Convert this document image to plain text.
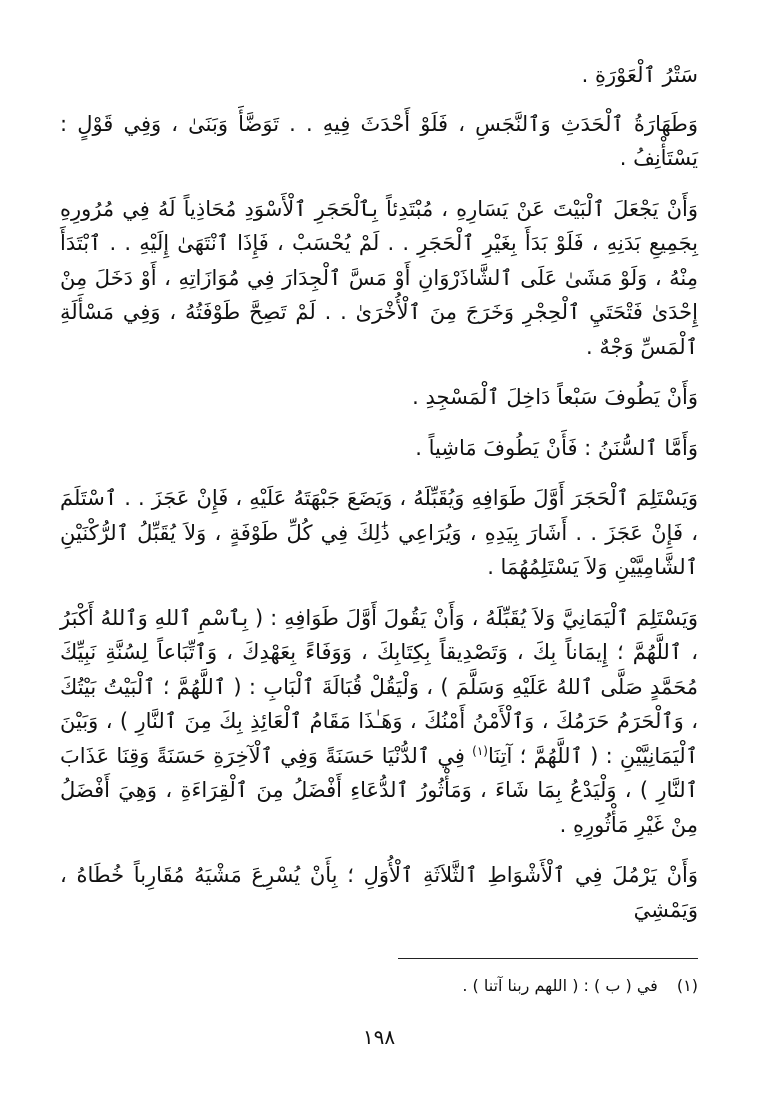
سَتْرُ ٱلْعَوْرَةِ .

وَطَهَارَةُ ٱلْحَدَثِ وَٱلنَّجَسِ ، فَلَوْ أَحْدَثَ فِيهِ . . تَوَضَّأَ وَبَنَىٰ ، وَفِي قَوْلٍ : يَسْتَأْنِفُ .

وَأَنْ يَجْعَلَ ٱلْبَيْتَ عَنْ يَسَارِهِ ، مُبْتَدِئاً بِٱلْحَجَرِ ٱلْأَسْوَدِ مُحَاذِياً لَهُ فِي مُرُورِهِ بِجَمِيعِ بَدَنِهِ ، فَلَوْ بَدَأَ بِغَيْرِ ٱلْحَجَرِ . . لَمْ يُحْسَبْ ، فَإِذَا ٱنْتَهَىٰ إِلَيْهِ . . ٱبْتَدَأَ مِنْهُ ، وَلَوْ مَشَىٰ عَلَى ٱلشَّاذَرْوَانِ أَوْ مَسَّ ٱلْجِدَارَ فِي مُوَازَاتِهِ ، أَوْ دَخَلَ مِنْ إِحْدَىٰ فَتْحَتَيِ ٱلْحِجْرِ وَخَرَجَ مِنَ ٱلْأُخْرَىٰ . . لَمْ تَصِحَّ طَوْفَتُهُ ، وَفِي مَسْأَلَةِ ٱلْمَسِّ وَجْهٌ .

وَأَنْ يَطُوفَ سَبْعاً دَاخِلَ ٱلْمَسْجِدِ .

وَأَمَّا ٱلسُّنَنُ : فَأَنْ يَطُوفَ مَاشِياً .

وَيَسْتَلِمَ ٱلْحَجَرَ أَوَّلَ طَوَافِهِ وَيُقَبِّلَهُ ، وَيَضَعَ جَبْهَتَهُ عَلَيْهِ ، فَإِنْ عَجَزَ . . ٱسْتَلَمَ ، فَإِنْ عَجَزَ . . أَشَارَ بِيَدِهِ ، وَيُرَاعِي ذَٰلِكَ فِي كُلِّ طَوْفَةٍ ، وَلاَ يُقَبِّلُ ٱلرُّكْنَيْنِ ٱلشَّامِيَّيْنِ وَلاَ يَسْتَلِمُهُمَا .

وَيَسْتَلِمَ ٱلْيَمَانِيَّ وَلاَ يُقَبِّلَهُ ، وَأَنْ يَقُولَ أَوَّلَ طَوَافِهِ : ( بِٱسْمِ ٱللهِ وَٱللهُ أَكْبَرُ ، ٱللَّهُمَّ ؛ إِيمَاناً بِكَ ، وَتَصْدِيقاً بِكِتَابِكَ ، وَوَفَاءً بِعَهْدِكَ ، وَٱتِّبَاعاً لِسُنَّةِ نَبِيِّكَ مُحَمَّدٍ صَلَّى ٱللهُ عَلَيْهِ وَسَلَّمَ ) ، وَلْيَقُلْ قُبَالَةَ ٱلْبَابِ : ( ٱللَّهُمَّ ؛ ٱلْبَيْتُ بَيْتُكَ ، وَٱلْحَرَمُ حَرَمُكَ ، وَٱلْأَمْنُ أَمْنُكَ ، وَهَـٰذَا مَقَامُ ٱلْعَائِذِ بِكَ مِنَ ٱلنَّارِ ) ، وَبَيْنَ ٱلْيَمَانِيَّيْنِ : ( ٱللَّهُمَّ ؛ آتِنَا$^{(١)}$ فِي ٱلدُّنْيَا حَسَنَةً وَفِي ٱلْآخِرَةِ حَسَنَةً وَقِنَا عَذَابَ ٱلنَّارِ ) ، وَلْيَدْعُ بِمَا شَاءَ ، وَمَأْثُورُ ٱلدُّعَاءِ أَفْضَلُ مِنَ ٱلْقِرَاءَةِ ، وَهِيَ أَفْضَلُ مِنْ غَيْرِ مَأْثُورِهِ .

وَأَنْ يَرْمُلَ فِي ٱلْأَشْوَاطِ ٱلثَّلاَثَةِ ٱلْأُوَلِ ؛ بِأَنْ يُسْرِعَ مَشْيَهُ مُقَارِباً خُطَاهُ ، وَيَمْشِيَ

(١) في ( ب ) : ( اللهم ربنا آتنا ) .
١٩٨
